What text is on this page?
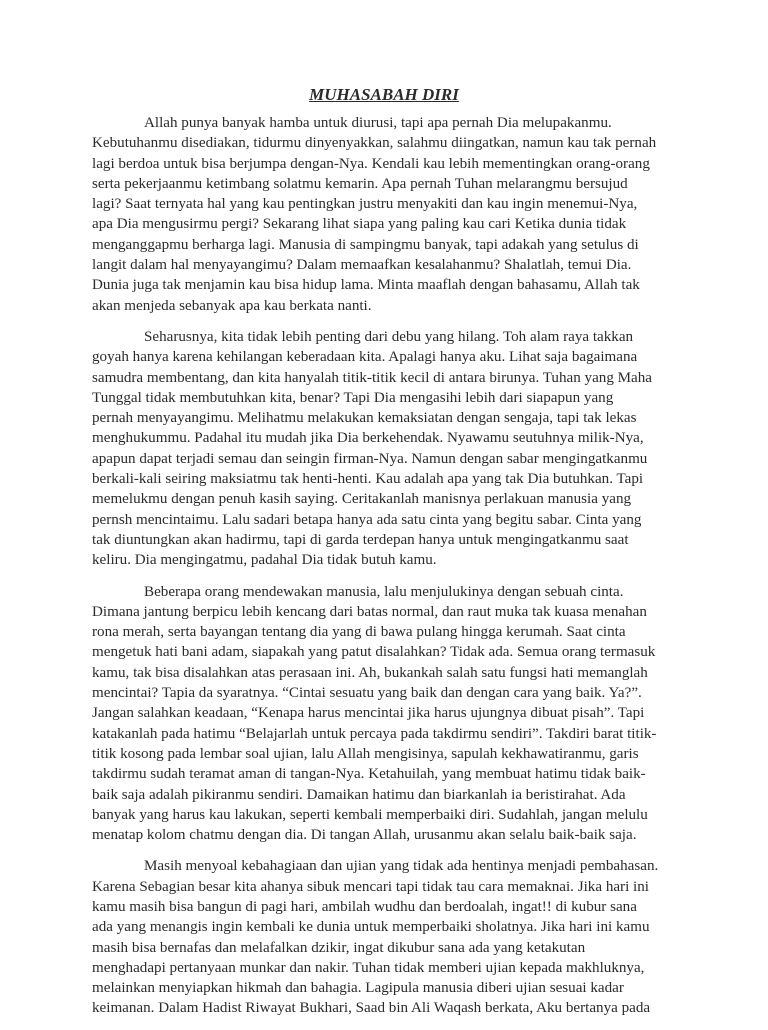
MUHASABAH DIRI
Allah punya banyak hamba untuk diurusi, tapi apa pernah Dia melupakanmu.
Kebutuhanmu disediakan, tidurmu dinyenyakkan, salahmu diingatkan, namun kau tak pernah
lagi berdoa untuk bisa berjumpa dengan-Nya. Kendali kau lebih mementingkan orang-orang
serta pekerjaanmu ketimbang solatmu kemarin. Apa pernah Tuhan melarangmu bersujud
lagi? Saat ternyata hal yang kau pentingkan justru menyakiti dan kau ingin menemui-Nya,
apa Dia mengusirmu pergi? Sekarang lihat siapa yang paling kau cari Ketika dunia tidak
menganggapmu berharga lagi. Manusia di sampingmu banyak, tapi adakah yang setulus di
langit dalam hal menyayangimu? Dalam memaafkan kesalahanmu? Shalatlah, temui Dia.
Dunia juga tak menjamin kau bisa hidup lama. Minta maaflah dengan bahasamu, Allah tak
akan menjeda sebanyak apa kau berkata nanti.
Seharusnya, kita tidak lebih penting dari debu yang hilang. Toh alam raya takkan
goyah hanya karena kehilangan keberadaan kita. Apalagi hanya aku. Lihat saja bagaimana
samudra membentang, dan kita hanyalah titik-titik kecil di antara birunya. Tuhan yang Maha
Tunggal tidak membutuhkan kita, benar? Tapi Dia mengasihi lebih dari siapapun yang
pernah menyayangimu. Melihatmu melakukan kemaksiatan dengan sengaja, tapi tak lekas
menghukummu. Padahal itu mudah jika Dia berkehendak. Nyawamu seutuhnya milik-Nya,
apapun dapat terjadi semau dan seingin firman-Nya. Namun dengan sabar mengingatkanmu
berkali-kali seiring maksiatmu tak henti-henti. Kau adalah apa yang tak Dia butuhkan. Tapi
memelukmu dengan penuh kasih saying. Ceritakanlah manisnya perlakuan manusia yang
pernsh mencintaimu. Lalu sadari betapa hanya ada satu cinta yang begitu sabar. Cinta yang
tak diuntungkan akan hadirmu, tapi di garda terdepan hanya untuk mengingatkanmu saat
keliru. Dia mengingatmu, padahal Dia tidak butuh kamu.
Beberapa orang mendewakan manusia, lalu menjulukinya dengan sebuah cinta.
Dimana jantung berpicu lebih kencang dari batas normal, dan raut muka tak kuasa menahan
rona merah, serta bayangan tentang dia yang di bawa pulang hingga kerumah. Saat cinta
mengetuk hati bani adam, siapakah yang patut disalahkan? Tidak ada. Semua orang termasuk
kamu, tak bisa disalahkan atas perasaan ini. Ah, bukankah salah satu fungsi hati memanglah
mencintai? Tapia da syaratnya. “Cintai sesuatu yang baik dan dengan cara yang baik. Ya?”.
Jangan salahkan keadaan, “Kenapa harus mencintai jika harus ujungnya dibuat pisah”. Tapi
katakanlah pada hatimu “Belajarlah untuk percaya pada takdirmu sendiri”. Takdiri barat titik-
titik kosong pada lembar soal ujian, lalu Allah mengisinya, sapulah kekhawatiranmu, garis
takdirmu sudah teramat aman di tangan-Nya. Ketahuilah, yang membuat hatimu tidak baik-
baik saja adalah pikiranmu sendiri. Damaikan hatimu dan biarkanlah ia beristirahat. Ada
banyak yang harus kau lakukan, seperti kembali memperbaiki diri. Sudahlah, jangan melulu
menatap kolom chatmu dengan dia. Di tangan Allah, urusanmu akan selalu baik-baik saja.
Masih menyoal kebahagiaan dan ujian yang tidak ada hentinya menjadi pembahasan.
Karena Sebagian besar kita ahanya sibuk mencari tapi tidak tau cara memaknai. Jika hari ini
kamu masih bisa bangun di pagi hari, ambilah wudhu dan berdoalah, ingat!! di kubur sana
ada yang menangis ingin kembali ke dunia untuk memperbaiki sholatnya. Jika hari ini kamu
masih bisa bernafas dan melafalkan dzikir, ingat dikubur sana ada yang ketakutan
menghadapi pertanyaan munkar dan nakir. Tuhan tidak memberi ujian kepada makhluknya,
melainkan menyiapkan hikmah dan bahagia. Lagipula manusia diberi ujian sesuai kadar
keimanan. Dalam Hadist Riwayat Bukhari, Saad bin Ali Waqash berkata, Aku bertanya pada
